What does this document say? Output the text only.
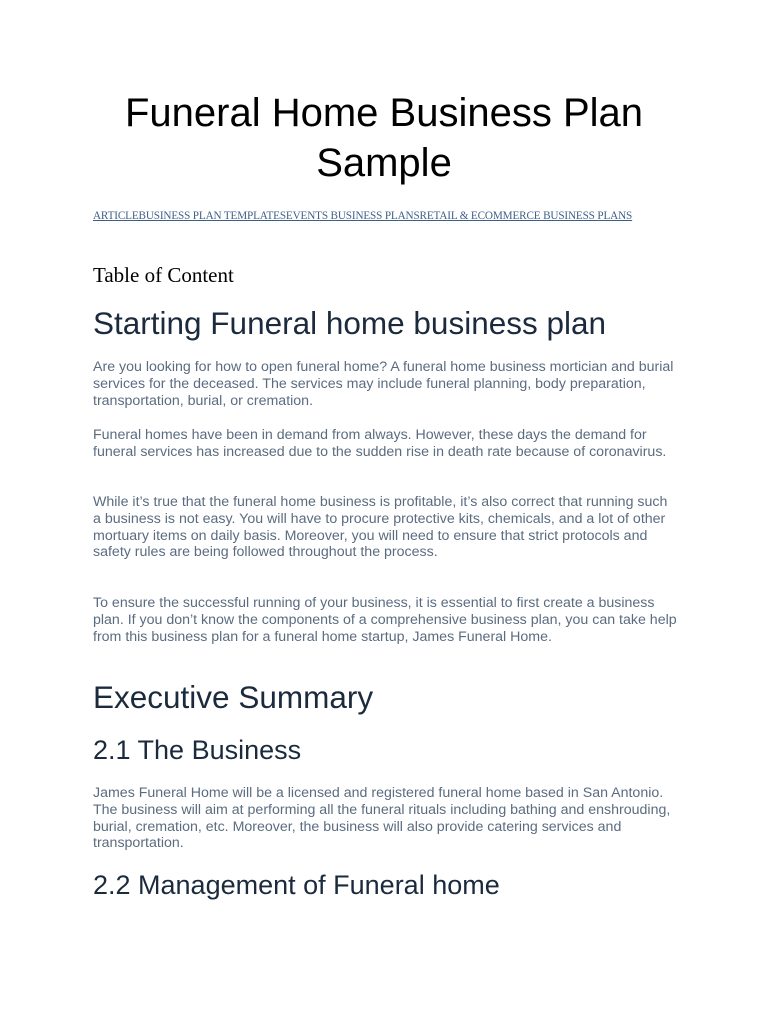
Funeral Home Business Plan
Sample
ARTICLEBUSINESS PLAN TEMPLATESEVENTS BUSINESS PLANSRETAIL & ECOMMERCE BUSINESS PLANS
Table of Content
Starting Funeral home business plan

Are you looking for how to open funeral home? A funeral home business mortician and burial services for the deceased. The services may include funeral planning, body preparation, transportation, burial, or cremation.

Funeral homes have been in demand from always. However, these days the demand for funeral services has increased due to the sudden rise in death rate because of coronavirus.

While it’s true that the funeral home business is profitable, it’s also correct that running such a business is not easy. You will have to procure protective kits, chemicals, and a lot of other mortuary items on daily basis. Moreover, you will need to ensure that strict protocols and safety rules are being followed throughout the process.

To ensure the successful running of your business, it is essential to first create a business plan. If you don’t know the components of a comprehensive business plan, you can take help from this business plan for a funeral home startup, James Funeral Home.

Executive Summary
2.1 The Business

James Funeral Home will be a licensed and registered funeral home based in San Antonio. The business will aim at performing all the funeral rituals including bathing and enshrouding, burial, cremation, etc. Moreover, the business will also provide catering services and transportation.

2.2 Management of Funeral home
